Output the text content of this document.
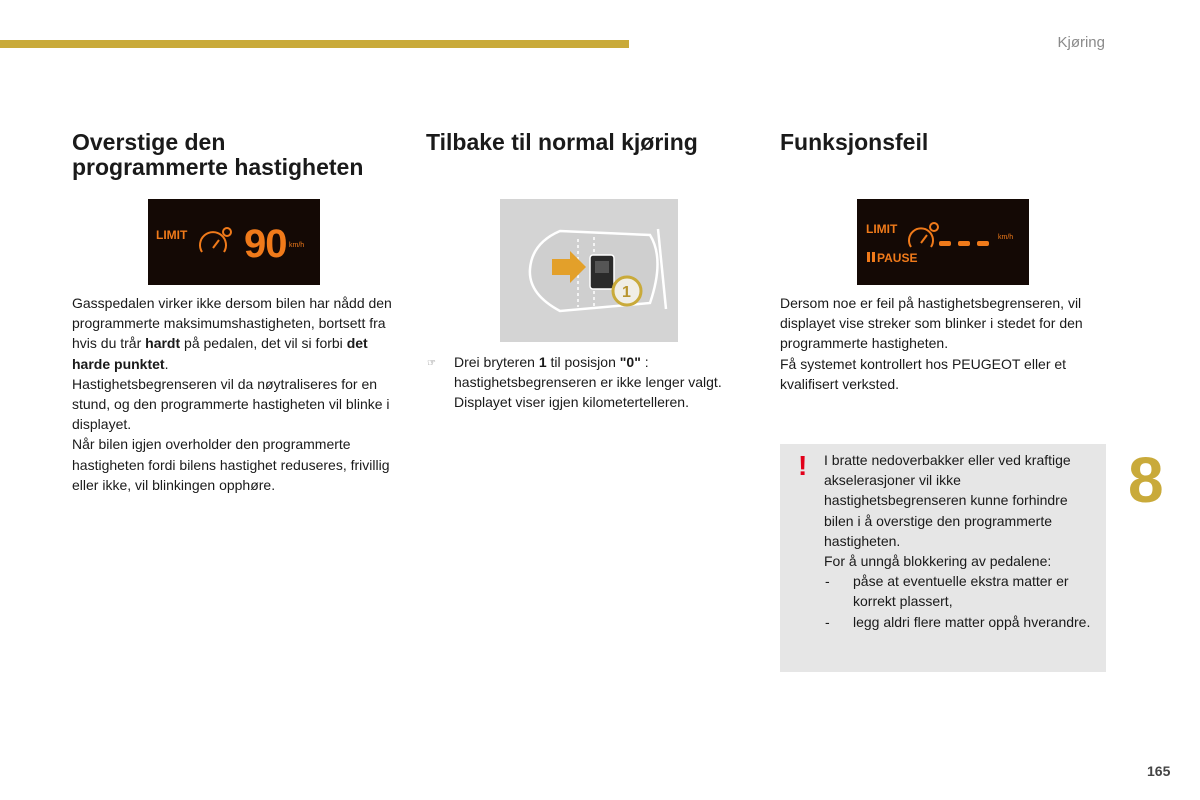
Kjøring
Overstige den
programmerte hastigheten
LIMIT 90 km/h

Gasspedalen virker ikke dersom bilen har nådd den programmerte maksimumshastigheten, bortsett fra hvis du trår hardt på pedalen, det vil si forbi det harde punktet.

Hastighetsbegrenseren vil da nøytraliseres for en stund, og den programmerte hastigheten vil blinke i displayet.

Når bilen igjen overholder den programmerte hastigheten fordi bilens hastighet reduseres, frivillig eller ikke, vil blinkingen opphøre.

Tilbake til normal kjøring
1
☞ Drei bryteren 1 til posisjon "0" : hastighetsbegrenseren er ikke lenger valgt. Displayet viser igjen kilometertelleren.
Funksjonsfeil
LIMIT
PAUSE
km/h

Dersom noe er feil på hastighetsbegrenseren, vil displayet vise streker som blinker i stedet for den programmerte hastigheten.

Få systemet kontrollert hos PEUGEOT eller et kvalifisert verksted.

! I bratte nedoverbakker eller ved kraftige akselerasjoner vil ikke hastighetsbegrenseren kunne forhindre bilen i å overstige den programmerte hastigheten.

For å unngå blokkering av pedalene:

- påse at eventuelle ekstra matter er korrekt plassert,

- legg aldri flere matter oppå hverandre.

8
165
